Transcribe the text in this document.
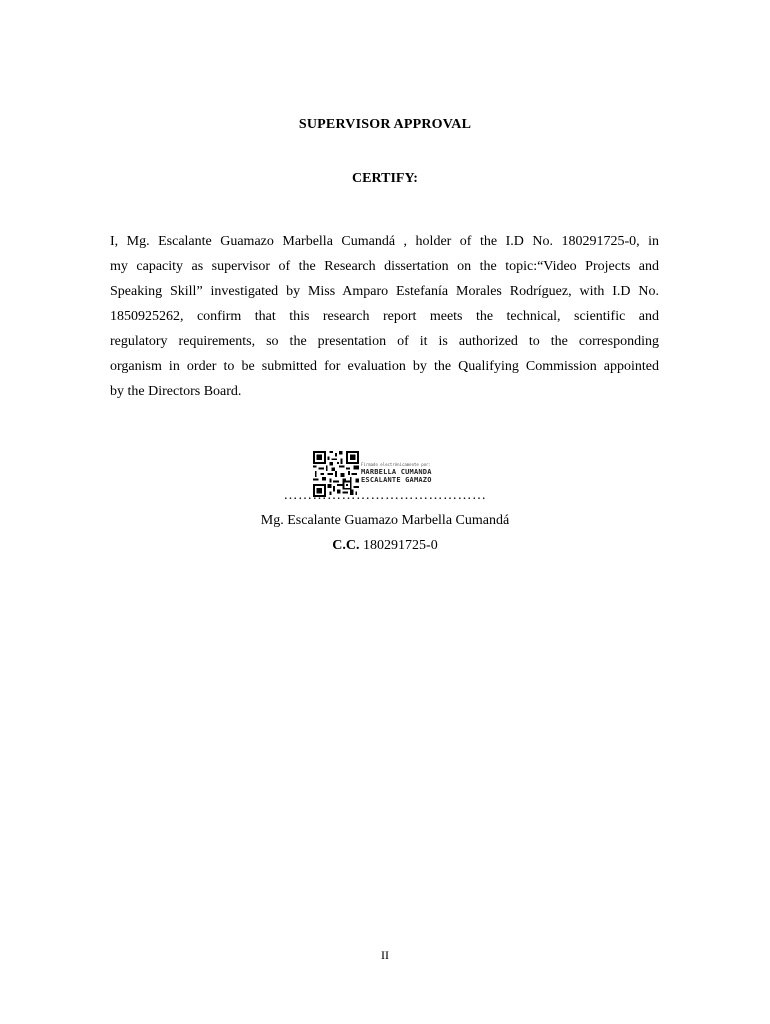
SUPERVISOR APPROVAL
CERTIFY:

I, Mg. Escalante Guamazo Marbella Cumandá , holder of the I.D No. 180291725-0, in
my capacity as supervisor of the Research dissertation on the topic:“Video Projects and
Speaking Skill” investigated by Miss Amparo Estefanía Morales Rodríguez, with I.D No.
1850925262, confirm that this research report meets the technical, scientific and
regulatory requirements, so the presentation of it is authorized to the corresponding
organism in order to be submitted for evaluation by the Qualifying Commission appointed
by the Directors Board.

Firmado electrónicamente por:
MARBELLA CUMANDA
ESCALANTE GAMAZO
……………………………………
Mg. Escalante Guamazo Marbella Cumandá
C.C. 180291725-0
II
